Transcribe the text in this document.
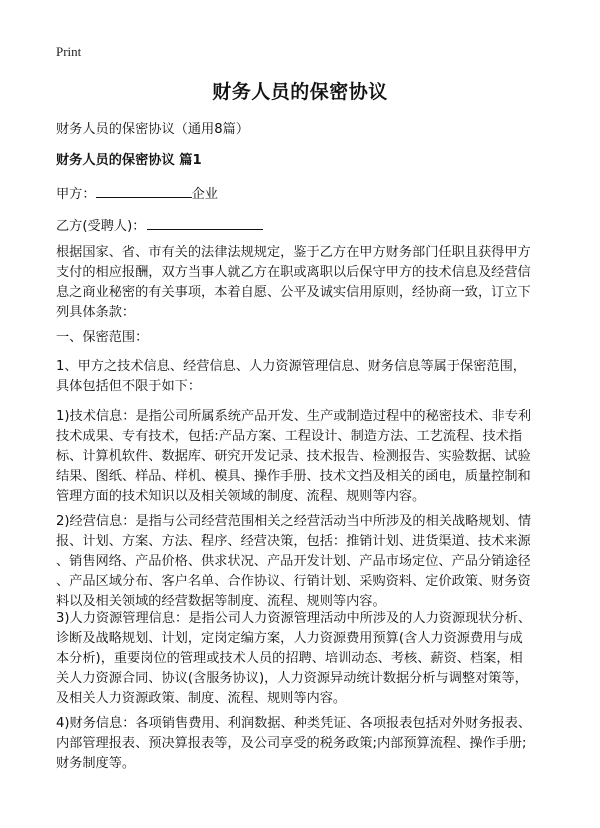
Print
财务人员的保密协议
财务人员的保密协议（通用8篇）
财务人员的保密协议 篇1
甲方：	企业
乙方(受聘人)：
根据国家、省、市有关的法律法规规定，鉴于乙方在甲方财务部门任职且获得甲方
支付的相应报酬，双方当事人就乙方在职或离职以后保守甲方的技术信息及经营信
息之商业秘密的有关事项，本着自愿、公平及诚实信用原则，经协商一致，订立下
列具体条款：
一、保密范围：
1、甲方之技术信息、经营信息、人力资源管理信息、财务信息等属于保密范围，
具体包括但不限于如下：
1)技术信息：是指公司所属系统产品开发、生产或制造过程中的秘密技术、非专利
技术成果、专有技术，包括:产品方案、工程设计、制造方法、工艺流程、技术指
标、计算机软件、数据库、研究开发记录、技术报告、检测报告、实验数据、试验
结果、图纸、样品、样机、模具、操作手册、技术文挡及相关的函电，质量控制和
管理方面的技术知识以及相关领域的制度、流程、规则等内容。
2)经营信息：是指与公司经营范围相关之经营活动当中所涉及的相关战略规划、情
报、计划、方案、方法、程序、经营决策，包括：推销计划、进货渠道、技术来源
、销售网络、产品价格、供求状况、产品开发计划、产品市场定位、产品分销途径
、产品区域分布、客户名单、合作协议、行销计划、采购资料、定价政策、财务资
料以及相关领域的经营数据等制度、流程、规则等内容。
3)人力资源管理信息：是指公司人力资源管理活动中所涉及的人力资源现状分析、
诊断及战略规划、计划，定岗定编方案，人力资源费用预算(含人力资源费用与成
本分析)，重要岗位的管理或技术人员的招聘、培训动态、考核、薪资、档案，相
关人力资源合同、协议(含服务协议)，人力资源异动统计数据分析与调整对策等，
及相关人力资源政策、制度、流程、规则等内容。
4)财务信息：各项销售费用、利润数据、种类凭证、各项报表包括对外财务报表、
内部管理报表、预决算报表等，及公司享受的税务政策;内部预算流程、操作手册;
财务制度等。
